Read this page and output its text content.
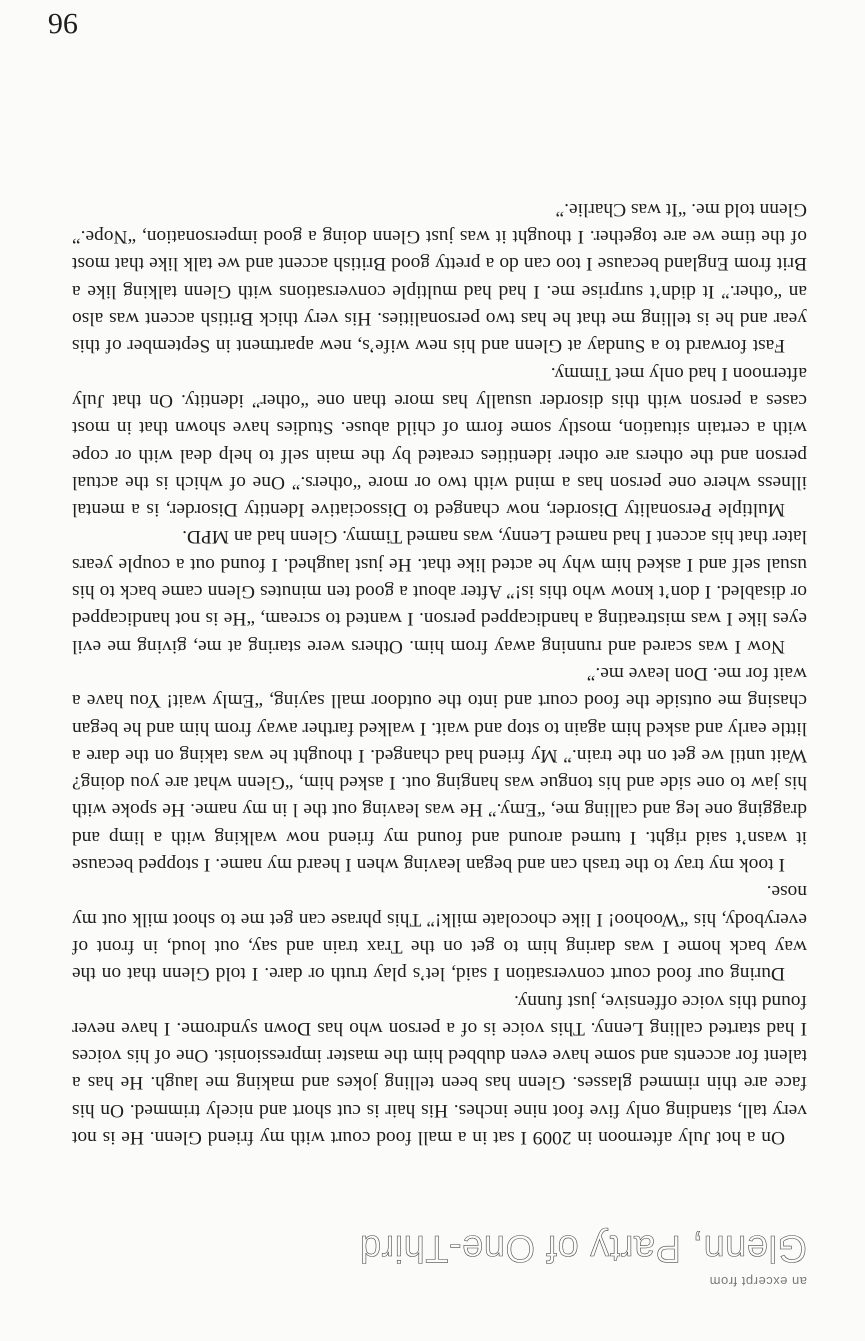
an excerpt from
Glenn, Party of One-Third

On a hot July afternoon in 2009 I sat in a mall food court with my friend Glenn. He is not very tall, standing only five foot nine inches. His hair is cut short and nicely trimmed. On his face are thin rimmed glasses. Glenn has been telling jokes and making me laugh. He has a talent for accents and some have even dubbed him the master impressionist. One of his voices I had started calling Lenny. This voice is of a person who has Down syndrome. I have never found this voice offensive, just funny.

During our food court conversation I said, let’s play truth or dare. I told Glenn that on the way back home I was daring him to get on the Trax train and say, out loud, in front of everybody, his “Woohoo! I like chocolate milk!” This phrase can get me to shoot milk out my nose.

I took my tray to the trash can and began leaving when I heard my name. I stopped because it wasn’t said right. I turned around and found my friend now walking with a limp and dragging one leg and calling me, “Emy.” He was leaving out the l in my name. He spoke with his jaw to one side and his tongue was hanging out. I asked him, “Glenn what are you doing? Wait until we get on the train.” My friend had changed. I thought he was taking on the dare a little early and asked him again to stop and wait. I walked farther away from him and he began chasing me outside the food court and into the outdoor mall saying, “Emly wait! You have a wait for me. Don leave me.”

Now I was scared and running away from him. Others were staring at me, giving me evil eyes like I was mistreating a handicapped person. I wanted to scream, “He is not handicapped or disabled. I don’t know who this is!” After about a good ten minutes Glenn came back to his usual self and I asked him why he acted like that. He just laughed. I found out a couple years later that his accent I had named Lenny, was named Timmy. Glenn had an MPD.

Multiple Personality Disorder, now changed to Dissociative Identity Disorder, is a mental illness where one person has a mind with two or more “others.” One of which is the actual person and the others are other identities created by the main self to help deal with or cope with a certain situation, mostly some form of child abuse. Studies have shown that in most cases a person with this disorder usually has more than one “other” identity. On that July afternoon I had only met Timmy.

Fast forward to a Sunday at Glenn and his new wife’s, new apartment in September of this year and he is telling me that he has two personalities. His very thick British accent was also an “other.” It didn’t surprise me. I had had multiple conversations with Glenn talking like a Brit from England because I too can do a pretty good British accent and we talk like that most of the time we are together. I thought it was just Glenn doing a good impersonation, “Nope.” Glenn told me. “It was Charlie.”

96
